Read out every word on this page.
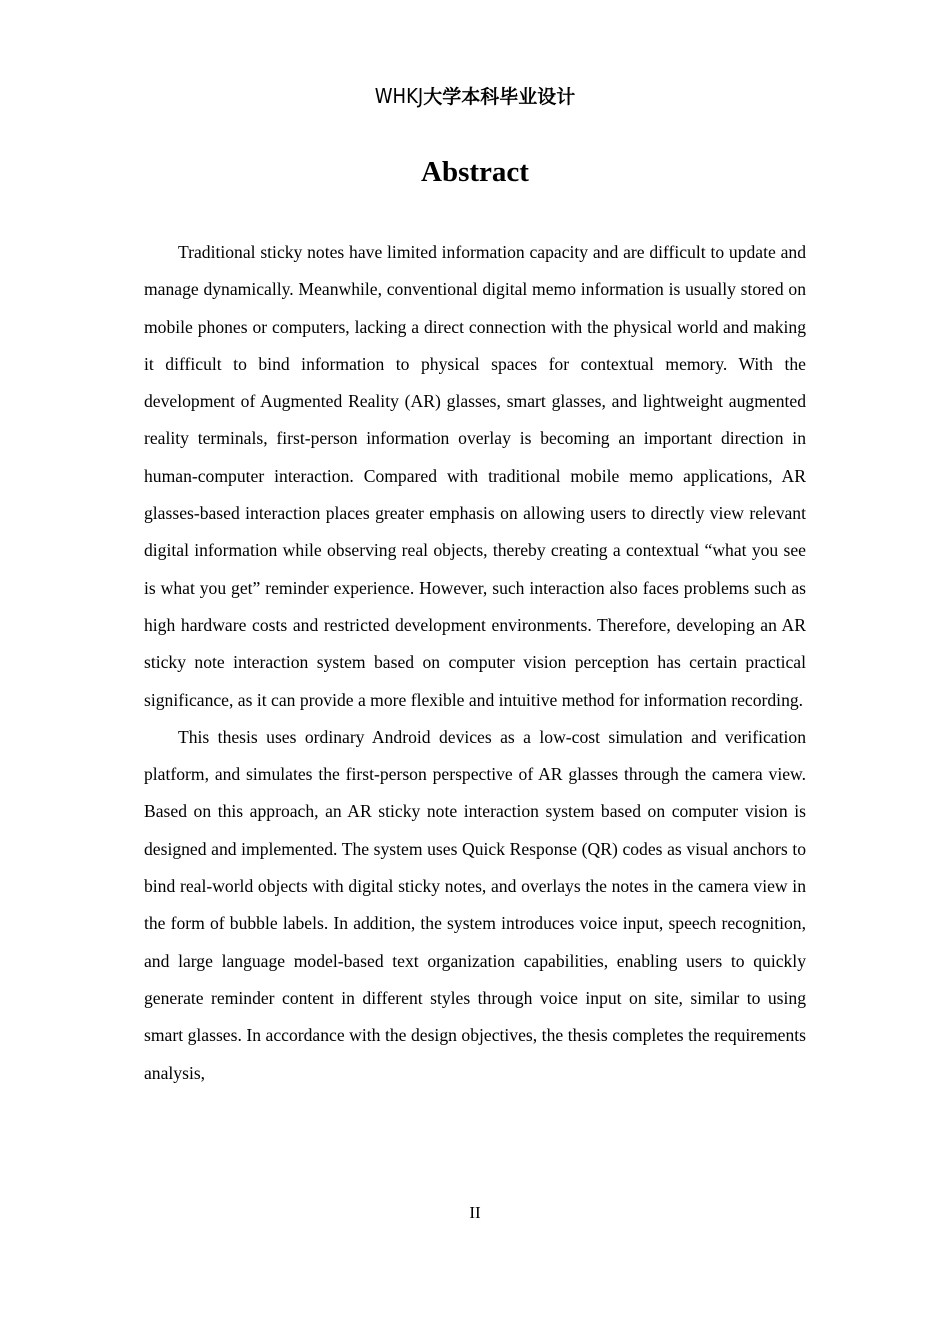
WHKJ大学本科毕业设计
Abstract

Traditional sticky notes have limited information capacity and are difficult to update and manage dynamically. Meanwhile, conventional digital memo information is usually stored on mobile phones or computers, lacking a direct connection with the physical world and making it difficult to bind information to physical spaces for contextual memory. With the development of Augmented Reality (AR) glasses, smart glasses, and lightweight augmented reality terminals, first-person information overlay is becoming an important direction in human-computer interaction. Compared with traditional mobile memo applications, AR glasses-based interaction places greater emphasis on allowing users to directly view relevant digital information while observing real objects, thereby creating a contextual “what you see is what you get” reminder experience. However, such interaction also faces problems such as high hardware costs and restricted development environments. Therefore, developing an AR sticky note interaction system based on computer vision perception has certain practical significance, as it can provide a more flexible and intuitive method for information recording.

This thesis uses ordinary Android devices as a low-cost simulation and verification platform, and simulates the first-person perspective of AR glasses through the camera view. Based on this approach, an AR sticky note interaction system based on computer vision is designed and implemented. The system uses Quick Response (QR) codes as visual anchors to bind real-world objects with digital sticky notes, and overlays the notes in the camera view in the form of bubble labels. In addition, the system introduces voice input, speech recognition, and large language model-based text organization capabilities, enabling users to quickly generate reminder content in different styles through voice input on site, similar to using smart glasses. In accordance with the design objectives, the thesis completes the requirements analysis,

II
